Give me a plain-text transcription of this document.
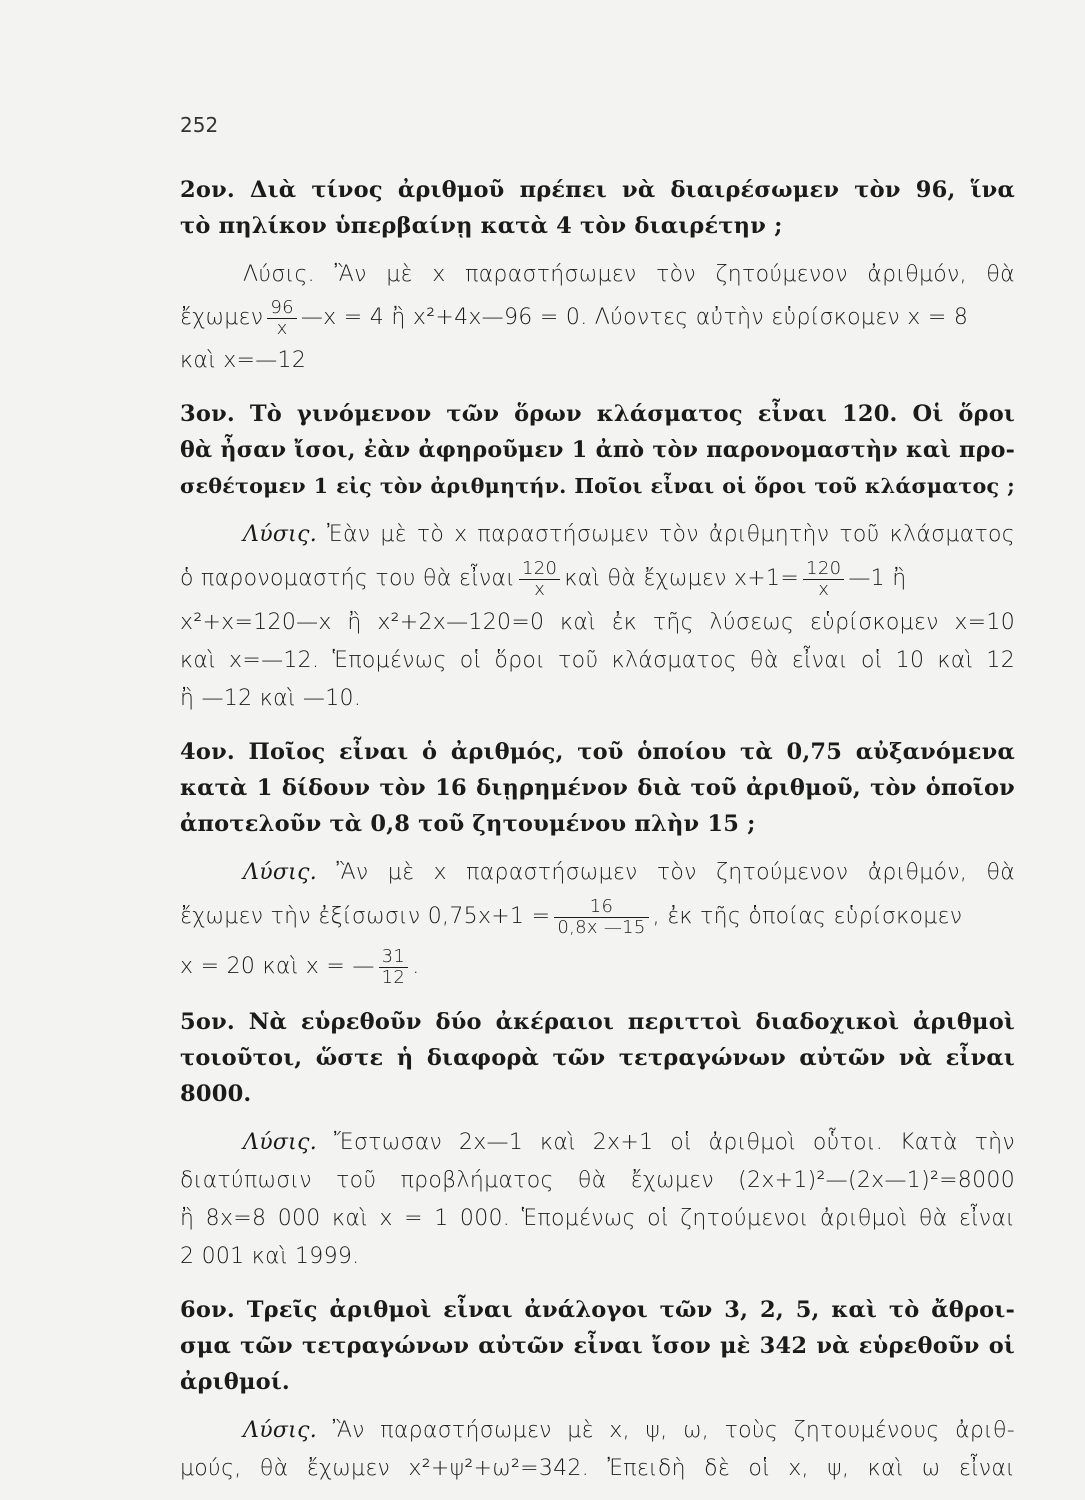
252
2ον. Διὰ τίνος ἀριθμοῦ πρέπει νὰ διαιρέσωμεν τὸν 96, ἵνα
τὸ πηλίκον ὑπερβαίνῃ κατὰ 4 τὸν διαιρέτην ;
Λύσις. Ἂν μὲ x παραστήσωμεν τὸν ζητούμενον ἀριθμόν, θὰ
ἔχωμεν $\frac{96}{x}$ —x = 4 ἢ x²+4x—96 = 0. Λύοντες αὐτὴν εὑρίσκομεν x = 8
καὶ x=—12
3ον. Τὸ γινόμενον τῶν ὅρων κλάσματος εἶναι 120. Οἱ ὅροι
θὰ ἦσαν ἴσοι, ἐὰν ἀφηροῦμεν 1 ἀπὸ τὸν παρονομαστὴν καὶ προ-
σεθέτομεν 1 εἰς τὸν ἀριθμητήν. Ποῖοι εἶναι οἱ ὅροι τοῦ κλάσματος ;
Λύσις. Ἐὰν μὲ τὸ x παραστήσωμεν τὸν ἀριθμητὴν τοῦ κλάσματος
ὁ παρονομαστής του θὰ εἶναι $\frac{120}{x}$ καὶ θὰ ἔχωμεν $x+1= \frac{120}{x}$ —1 ἢ
x²+x=120—x ἢ x²+2x—120=0 καὶ ἐκ τῆς λύσεως εὑρίσκομεν x=10
καὶ x=—12. Ἑπομένως οἱ ὅροι τοῦ κλάσματος θὰ εἶναι οἱ 10 καὶ 12
ἢ —12 καὶ —10.
4ον. Ποῖος εἶναι ὁ ἀριθμός, τοῦ ὁποίου τὰ 0,75 αὐξανόμενα
κατὰ 1 δίδουν τὸν 16 διῃρημένον διὰ τοῦ ἀριθμοῦ, τὸν ὁποῖον
ἀποτελοῦν τὰ 0,8 τοῦ ζητουμένου πλὴν 15 ;
Λύσις. Ἂν μὲ x παραστήσωμεν τὸν ζητούμενον ἀριθμόν, θὰ
ἔχωμεν τὴν ἐξίσωσιν $0,75x+1 = \frac{16}{0,8x —15}$ , ἐκ τῆς ὁποίας εὑρίσκομεν
x = 20 καὶ x = — $\frac{31}{12}$ .
5ον. Νὰ εὑρεθοῦν δύο ἀκέραιοι περιττοὶ διαδοχικοὶ ἀριθμοὶ
τοιοῦτοι, ὥστε ἡ διαφορὰ τῶν τετραγώνων αὐτῶν νὰ εἶναι
8000.
Λύσις. Ἔστωσαν 2x—1 καὶ 2x+1 οἱ ἀριθμοὶ οὗτοι. Κατὰ τὴν
διατύπωσιν τοῦ προβλήματος θὰ ἔχωμεν (2x+1)²—(2x—1)²=8000
ἢ 8x=8 000 καὶ x = 1 000. Ἑπομένως οἱ ζητούμενοι ἀριθμοὶ θὰ εἶναι
2 001 καὶ 1999.
6ον. Τρεῖς ἀριθμοὶ εἶναι ἀνάλογοι τῶν 3, 2, 5, καὶ τὸ ἄθροι-
σμα τῶν τετραγώνων αὐτῶν εἶναι ἴσον μὲ 342 νὰ εὑρεθοῦν οἱ
ἀριθμοί.
Λύσις. Ἂν παραστήσωμεν μὲ x, ψ, ω, τοὺς ζητουμένους ἀριθ-
μούς, θὰ ἔχωμεν x²+ψ²+ω²=342. Ἐπειδὴ δὲ οἱ x, ψ, καὶ ω εἶναι
